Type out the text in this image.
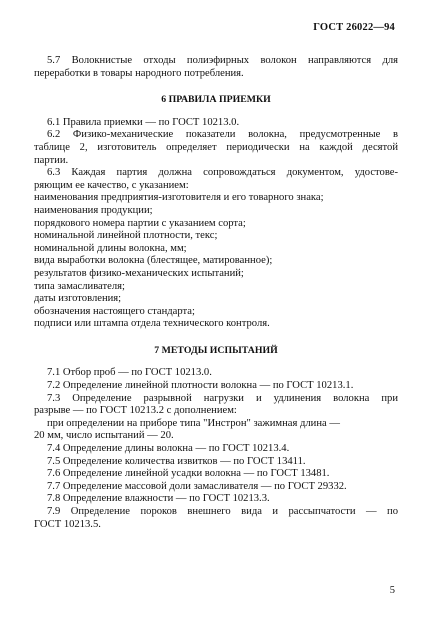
ГОСТ 26022—94

5.7 Волокнистые отходы полиэфирных волокон направляются для

переработки в товары народного потребления.

6 ПРАВИЛА ПРИЕМКИ

6.1 Правила приемки — по ГОСТ 10213.0.

6.2 Физико-механические показатели волокна, предусмотренные в

таблице 2, изготовитель определяет периодически на каждой десятой

партии.

6.3 Каждая партия должна сопровождаться документом, удостове-

ряющим ее качество, с указанием:

наименования предприятия-изготовителя и его товарного знака;

наименования продукции;

порядкового номера партии с указанием сорта;

номинальной линейной плотности, текс;

номинальной длины волокна, мм;

вида выработки волокна (блестящее, матированное);

результатов физико-механических испытаний;

типа замасливателя;

даты изготовления;

обозначения настоящего стандарта;

подписи или штампа отдела технического контроля.

7 МЕТОДЫ ИСПЫТАНИЙ

7.1 Отбор проб — по ГОСТ 10213.0.

7.2 Определение линейной плотности волокна — по ГОСТ 10213.1.

7.3 Определение разрывной нагрузки и удлинения волокна при

разрыве — по ГОСТ 10213.2 с дополнением:

при определении на приборе типа "Инстрон" зажимная длина —

20 мм, число испытаний — 20.

7.4 Определение длины волокна — по ГОСТ 10213.4.

7.5 Определение количества извитков — по ГОСТ 13411.

7.6 Определение линейной усадки волокна — по ГОСТ 13481.

7.7 Определение массовой доли замасливателя — по ГОСТ 29332.

7.8 Определение влажности — по ГОСТ 10213.3.

7.9 Определение пороков внешнего вида и рассыпчатости — по

ГОСТ 10213.5.

5
